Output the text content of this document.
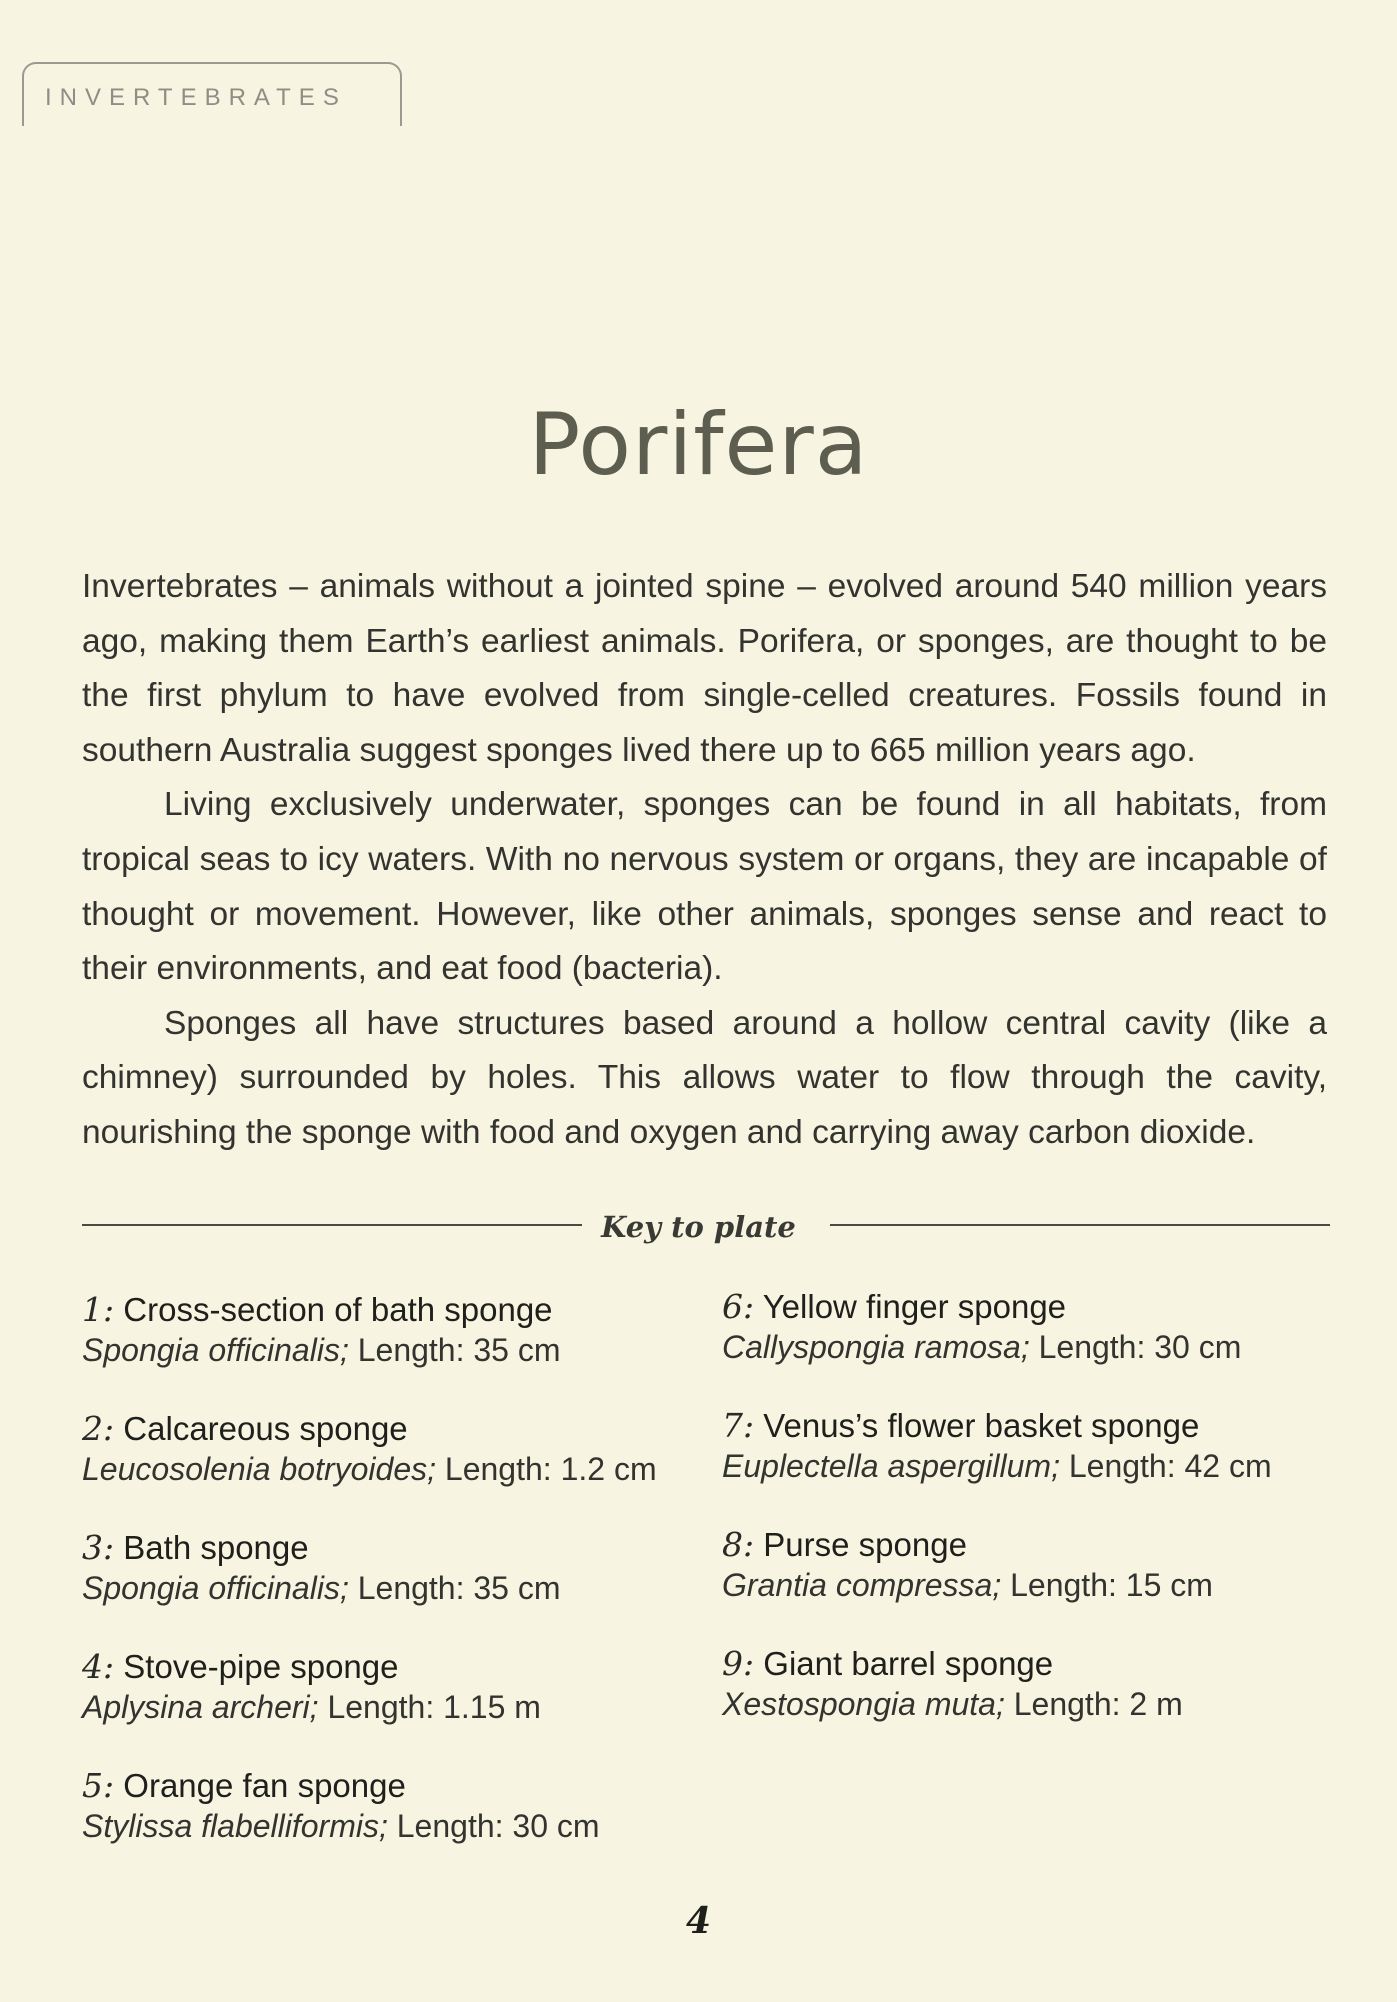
INVERTEBRATES
Porifera

Invertebrates – animals without a jointed spine – evolved around 540 million years ago, making them Earth’s earliest animals. Porifera, or sponges, are thought to be the first phylum to have evolved from single-celled creatures. Fossils found in southern Australia suggest sponges lived there up to 665 million years ago.

Living exclusively underwater, sponges can be found in all habitats, from tropical seas to icy waters. With no nervous system or organs, they are incapable of thought or movement. However, like other animals, sponges sense and react to their environments, and eat food (bacteria).

Sponges all have structures based around a hollow central cavity (like a chimney) surrounded by holes. This allows water to flow through the cavity, nourishing the sponge with food and oxygen and carrying away carbon dioxide.

Key to plate
1: Cross-section of bath sponge
Spongia officinalis; Length: 35 cm
2: Calcareous sponge
Leucosolenia botryoides; Length: 1.2 cm
3: Bath sponge
Spongia officinalis; Length: 35 cm
4: Stove-pipe sponge
Aplysina archeri; Length: 1.15 m
5: Orange fan sponge
Stylissa flabelliformis; Length: 30 cm
6: Yellow finger sponge
Callyspongia ramosa; Length: 30 cm
7: Venus’s flower basket sponge
Euplectella aspergillum; Length: 42 cm
8: Purse sponge
Grantia compressa; Length: 15 cm
9: Giant barrel sponge
Xestospongia muta; Length: 2 m
4
